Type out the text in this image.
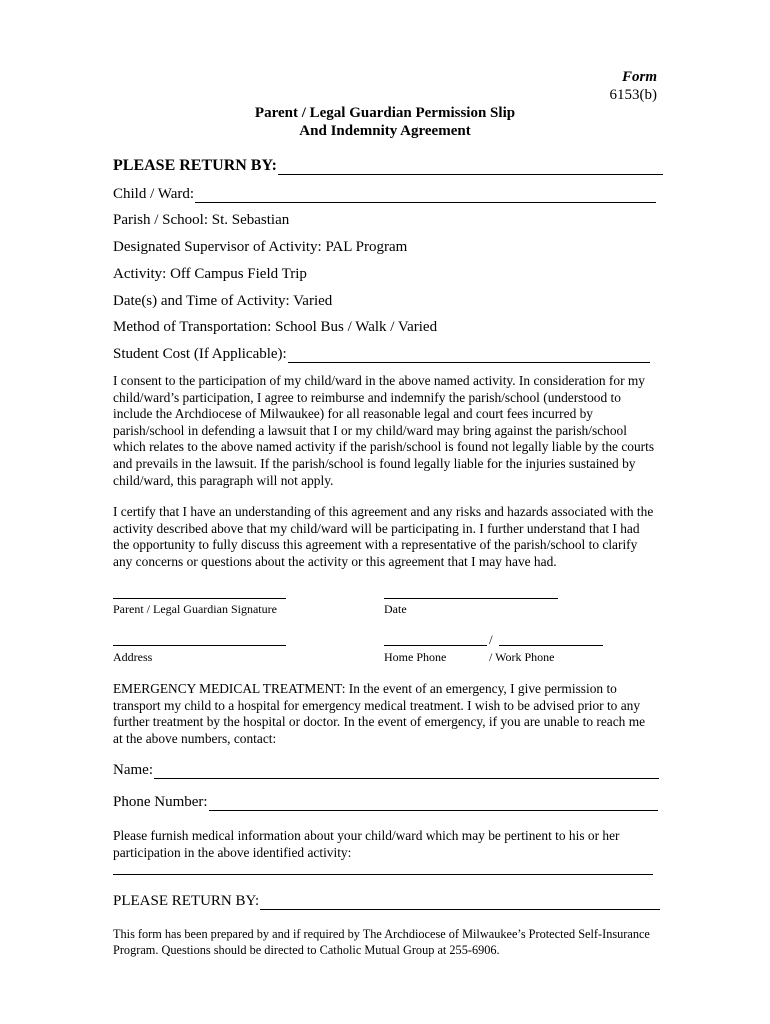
Form
6153(b)
Parent / Legal Guardian Permission Slip
And Indemnity Agreement
PLEASE RETURN BY:
Child / Ward:
Parish / School: St. Sebastian
Designated Supervisor of Activity: PAL Program
Activity: Off Campus Field Trip
Date(s) and Time of Activity: Varied
Method of Transportation: School Bus / Walk / Varied
Student Cost (If Applicable):
I consent to the participation of my child/ward in the above named activity. In consideration for my child/ward’s participation, I agree to reimburse and indemnify the parish/school (understood to include the Archdiocese of Milwaukee) for all reasonable legal and court fees incurred by parish/school in defending a lawsuit that I or my child/ward may bring against the parish/school which relates to the above named activity if the parish/school is found not legally liable by the courts and prevails in the lawsuit. If the parish/school is found legally liable for the injuries sustained by child/ward, this paragraph will not apply.
I certify that I have an understanding of this agreement and any risks and hazards associated with the activity described above that my child/ward will be participating in. I further understand that I had the opportunity to fully discuss this agreement with a representative of the parish/school to clarify any concerns or questions about the activity or this agreement that I may have had.
Parent / Legal Guardian Signature	Date
/
Address	Home Phone	/ Work Phone
EMERGENCY MEDICAL TREATMENT: In the event of an emergency, I give permission to transport my child to a hospital for emergency medical treatment. I wish to be advised prior to any further treatment by the hospital or doctor. In the event of emergency, if you are unable to reach me at the above numbers, contact:
Name:
Phone Number:
Please furnish medical information about your child/ward which may be pertinent to his or her participation in the above identified activity:
PLEASE RETURN BY:
This form has been prepared by and if required by The Archdiocese of Milwaukee’s Protected Self-Insurance Program. Questions should be directed to Catholic Mutual Group at 255-6906.
